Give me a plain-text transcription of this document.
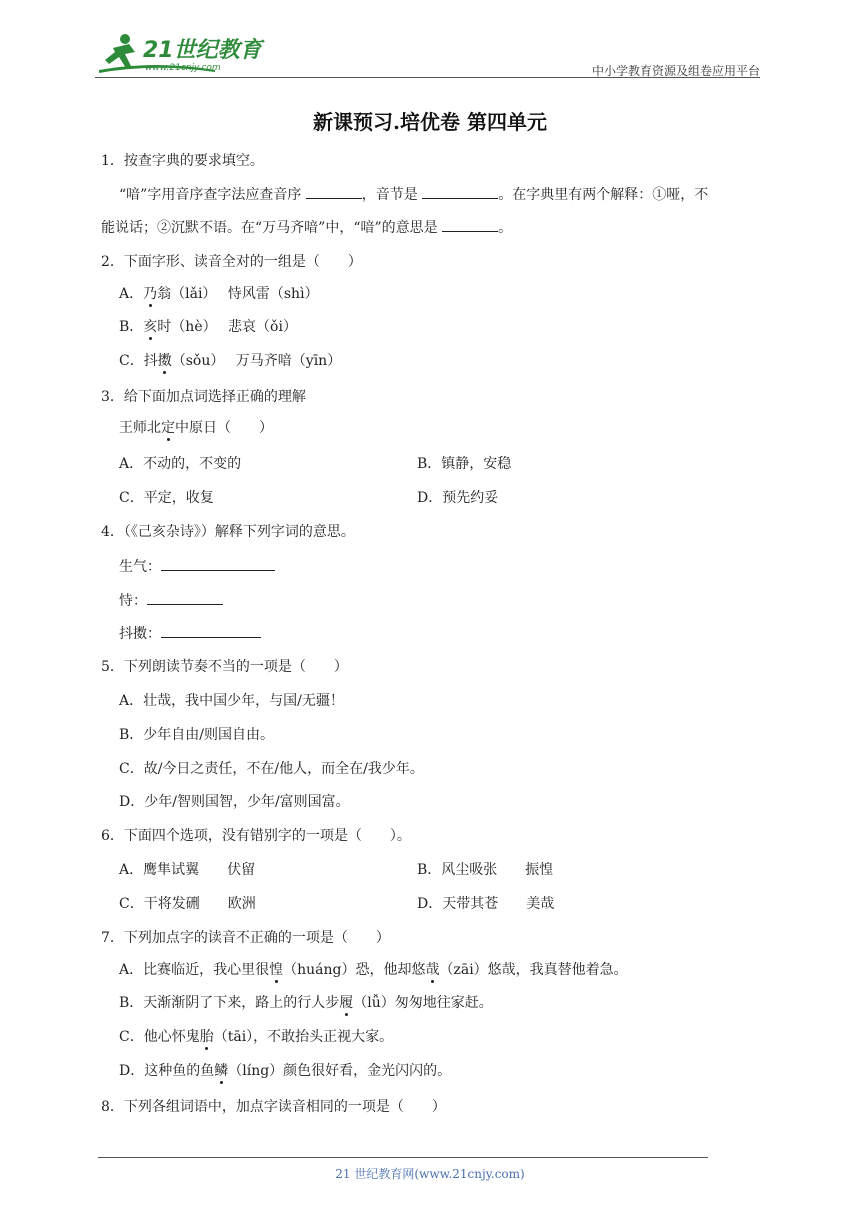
21世纪教育
www.21cnjy.com	中小学教育资源及组卷应用平台
新课预习.培优卷 第四单元
1．按查字典的要求填空。
“喑”字用音序查字法应查音序	，音节是	。在字典里有两个解释：①哑，不
能说话；②沉默不语。在“万马齐喑”中，“喑”的意思是	。
2．下面字形、读音全对的一组是（　　）
A．乃翁（lǎi）　 恃风雷（shì）
B．亥时（hè）　 悲哀（ǒi）
C．抖擞（sǒu）　 万马齐喑（yīn）
3．给下面加点词选择正确的理解
王师北定中原日（　　）
A．不动的，不变的	B．镇静，安稳
C．平定，收复	D．预先约妥
4．（《己亥杂诗》）解释下列字词的意思。
生气：
恃：
抖擞：
5．下列朗读节奏不当的一项是（　　）
A．壮哉，我中国少年，与国/无疆！
B．少年自由/则国自由。
C．故/今日之责任，不在/他人，而全在/我少年。
D．少年/智则国智，少年/富则国富。
6．下面四个选项，没有错别字的一项是（　　）。
A．鹰隼试翼　　伏留	B．风尘吸张　　振惶
C．干将发硎　　欧洲	D．天带其苍　　美哉
7．下列加点字的读音不正确的一项是（　　）
A．比赛临近，我心里很惶（huáng）恐，他却悠哉（zāi）悠哉，我真替他着急。
B．天渐渐阴了下来，路上的行人步履（lǚ）匆匆地往家赶。
C．他心怀鬼胎（tāi），不敢抬头正视大家。
D．这种鱼的鱼鳞（líng）颜色很好看，金光闪闪的。
8．下列各组词语中，加点字读音相同的一项是（　　）
21 世纪教育网(www.21cnjy.com)
